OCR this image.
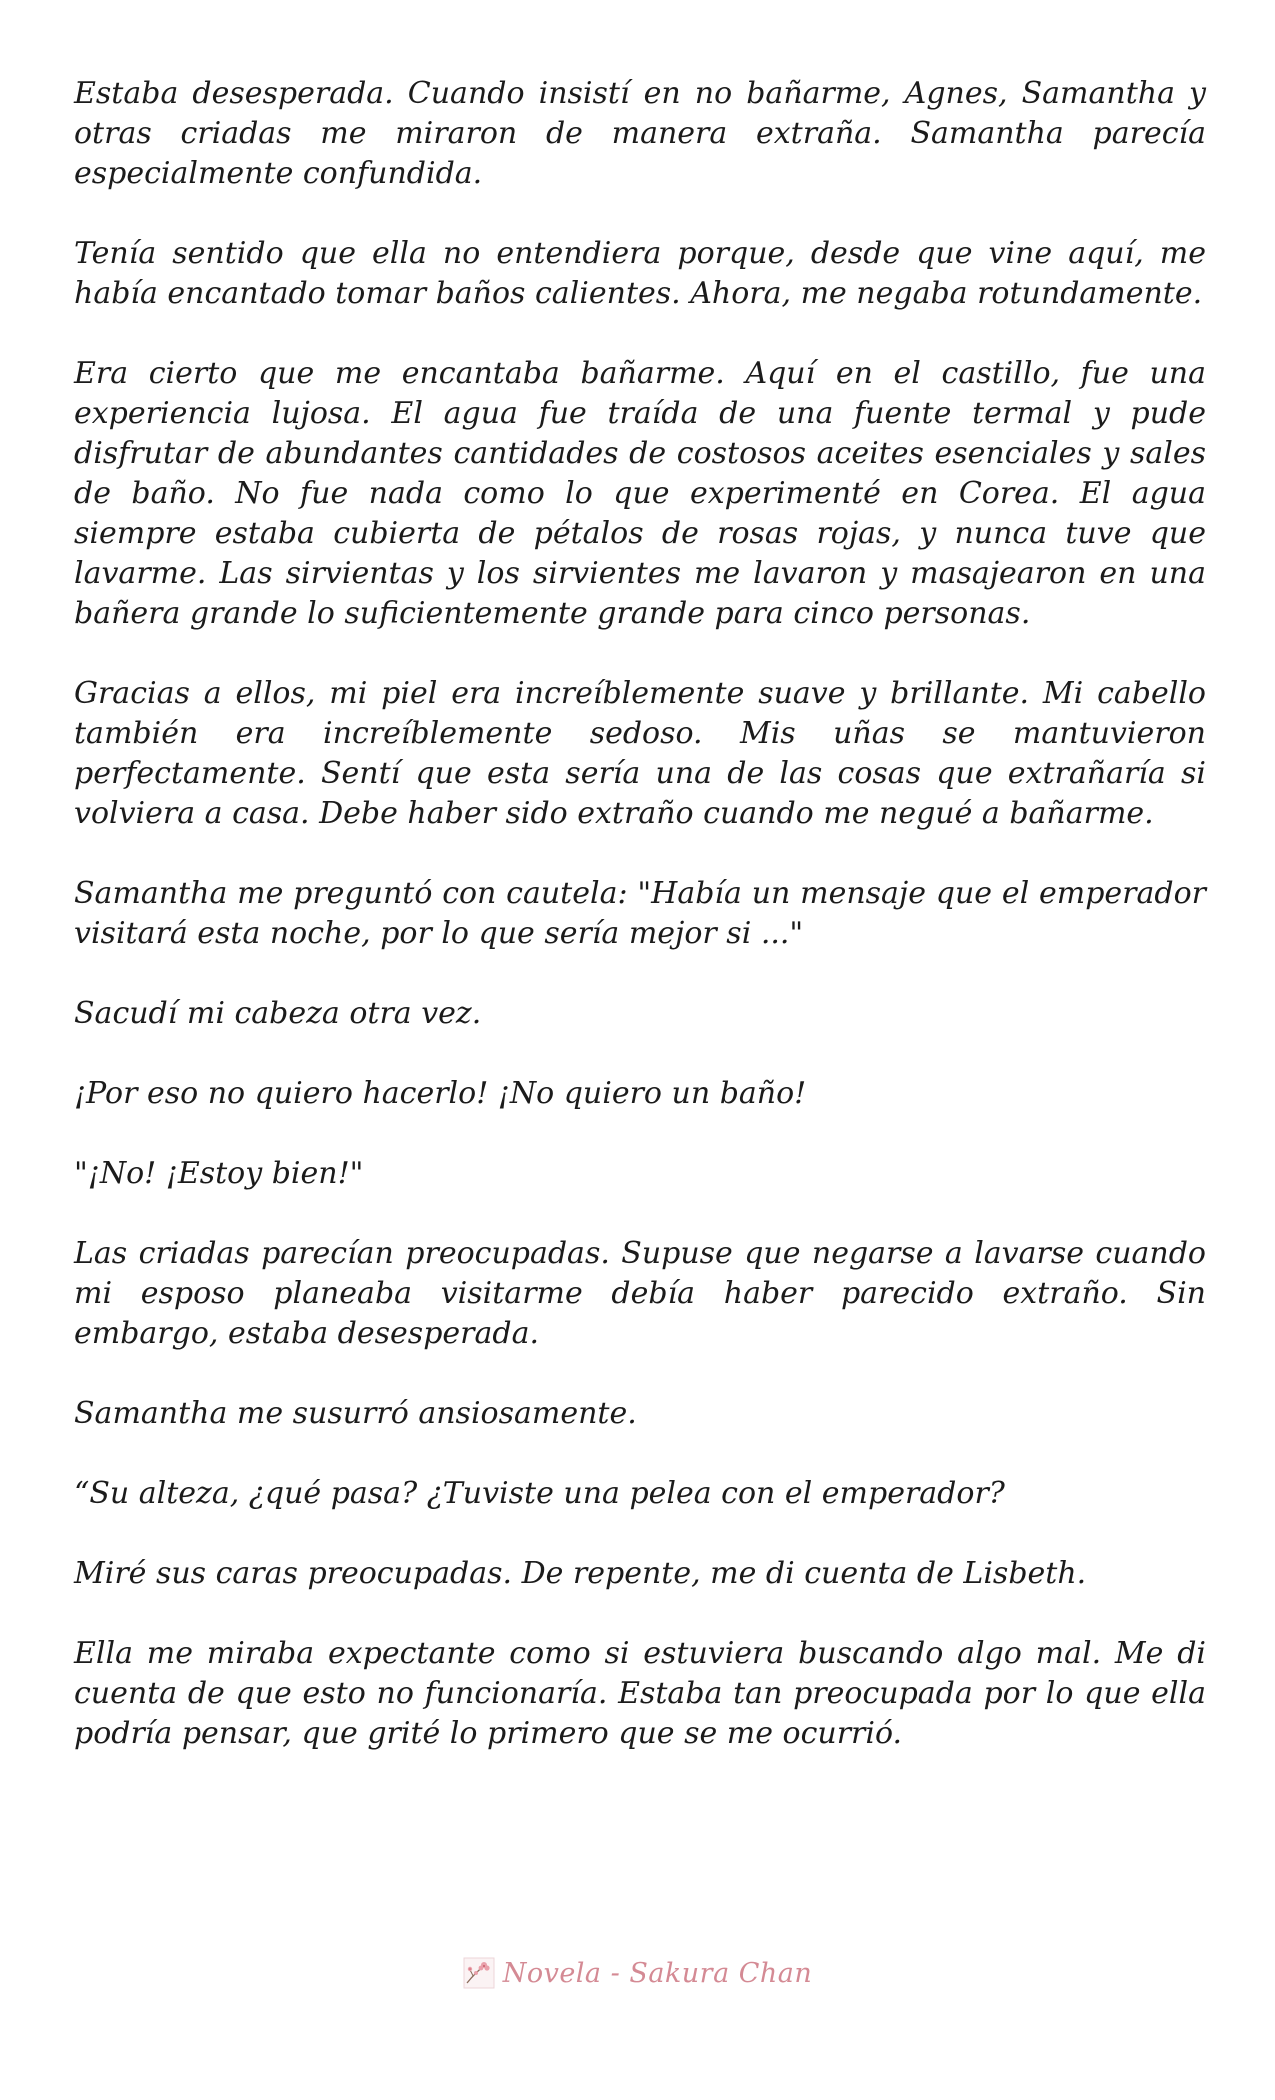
Estaba desesperada. Cuando insistí en no bañarme, Agnes, Samantha y otras criadas me miraron de manera extraña. Samantha parecía especialmente confundida.

Tenía sentido que ella no entendiera porque, desde que vine aquí, me había encantado tomar baños calientes. Ahora, me negaba rotundamente.

Era cierto que me encantaba bañarme. Aquí en el castillo, fue una experiencia lujosa. El agua fue traída de una fuente termal y pude disfrutar de abundantes cantidades de costosos aceites esenciales y sales de baño. No fue nada como lo que experimenté en Corea. El agua siempre estaba cubierta de pétalos de rosas rojas, y nunca tuve que lavarme. Las sirvientas y los sirvientes me lavaron y masajearon en una bañera grande lo suficientemente grande para cinco personas.

Gracias a ellos, mi piel era increíblemente suave y brillante. Mi cabello también era increíblemente sedoso. Mis uñas se mantuvieron perfectamente. Sentí que esta sería una de las cosas que extrañaría si volviera a casa. Debe haber sido extraño cuando me negué a bañarme.

Samantha me preguntó con cautela: "Había un mensaje que el emperador visitará esta noche, por lo que sería mejor si ..."

Sacudí mi cabeza otra vez.

¡Por eso no quiero hacerlo! ¡No quiero un baño!

"¡No! ¡Estoy bien!"

Las criadas parecían preocupadas. Supuse que negarse a lavarse cuando mi esposo planeaba visitarme debía haber parecido extraño. Sin embargo, estaba desesperada.

Samantha me susurró ansiosamente.

“Su alteza, ¿qué pasa? ¿Tuviste una pelea con el emperador?

Miré sus caras preocupadas. De repente, me di cuenta de Lisbeth.

Ella me miraba expectante como si estuviera buscando algo mal. Me di cuenta de que esto no funcionaría. Estaba tan preocupada por lo que ella podría pensar, que grité lo primero que se me ocurrió.

Novela - Sakura Chan
